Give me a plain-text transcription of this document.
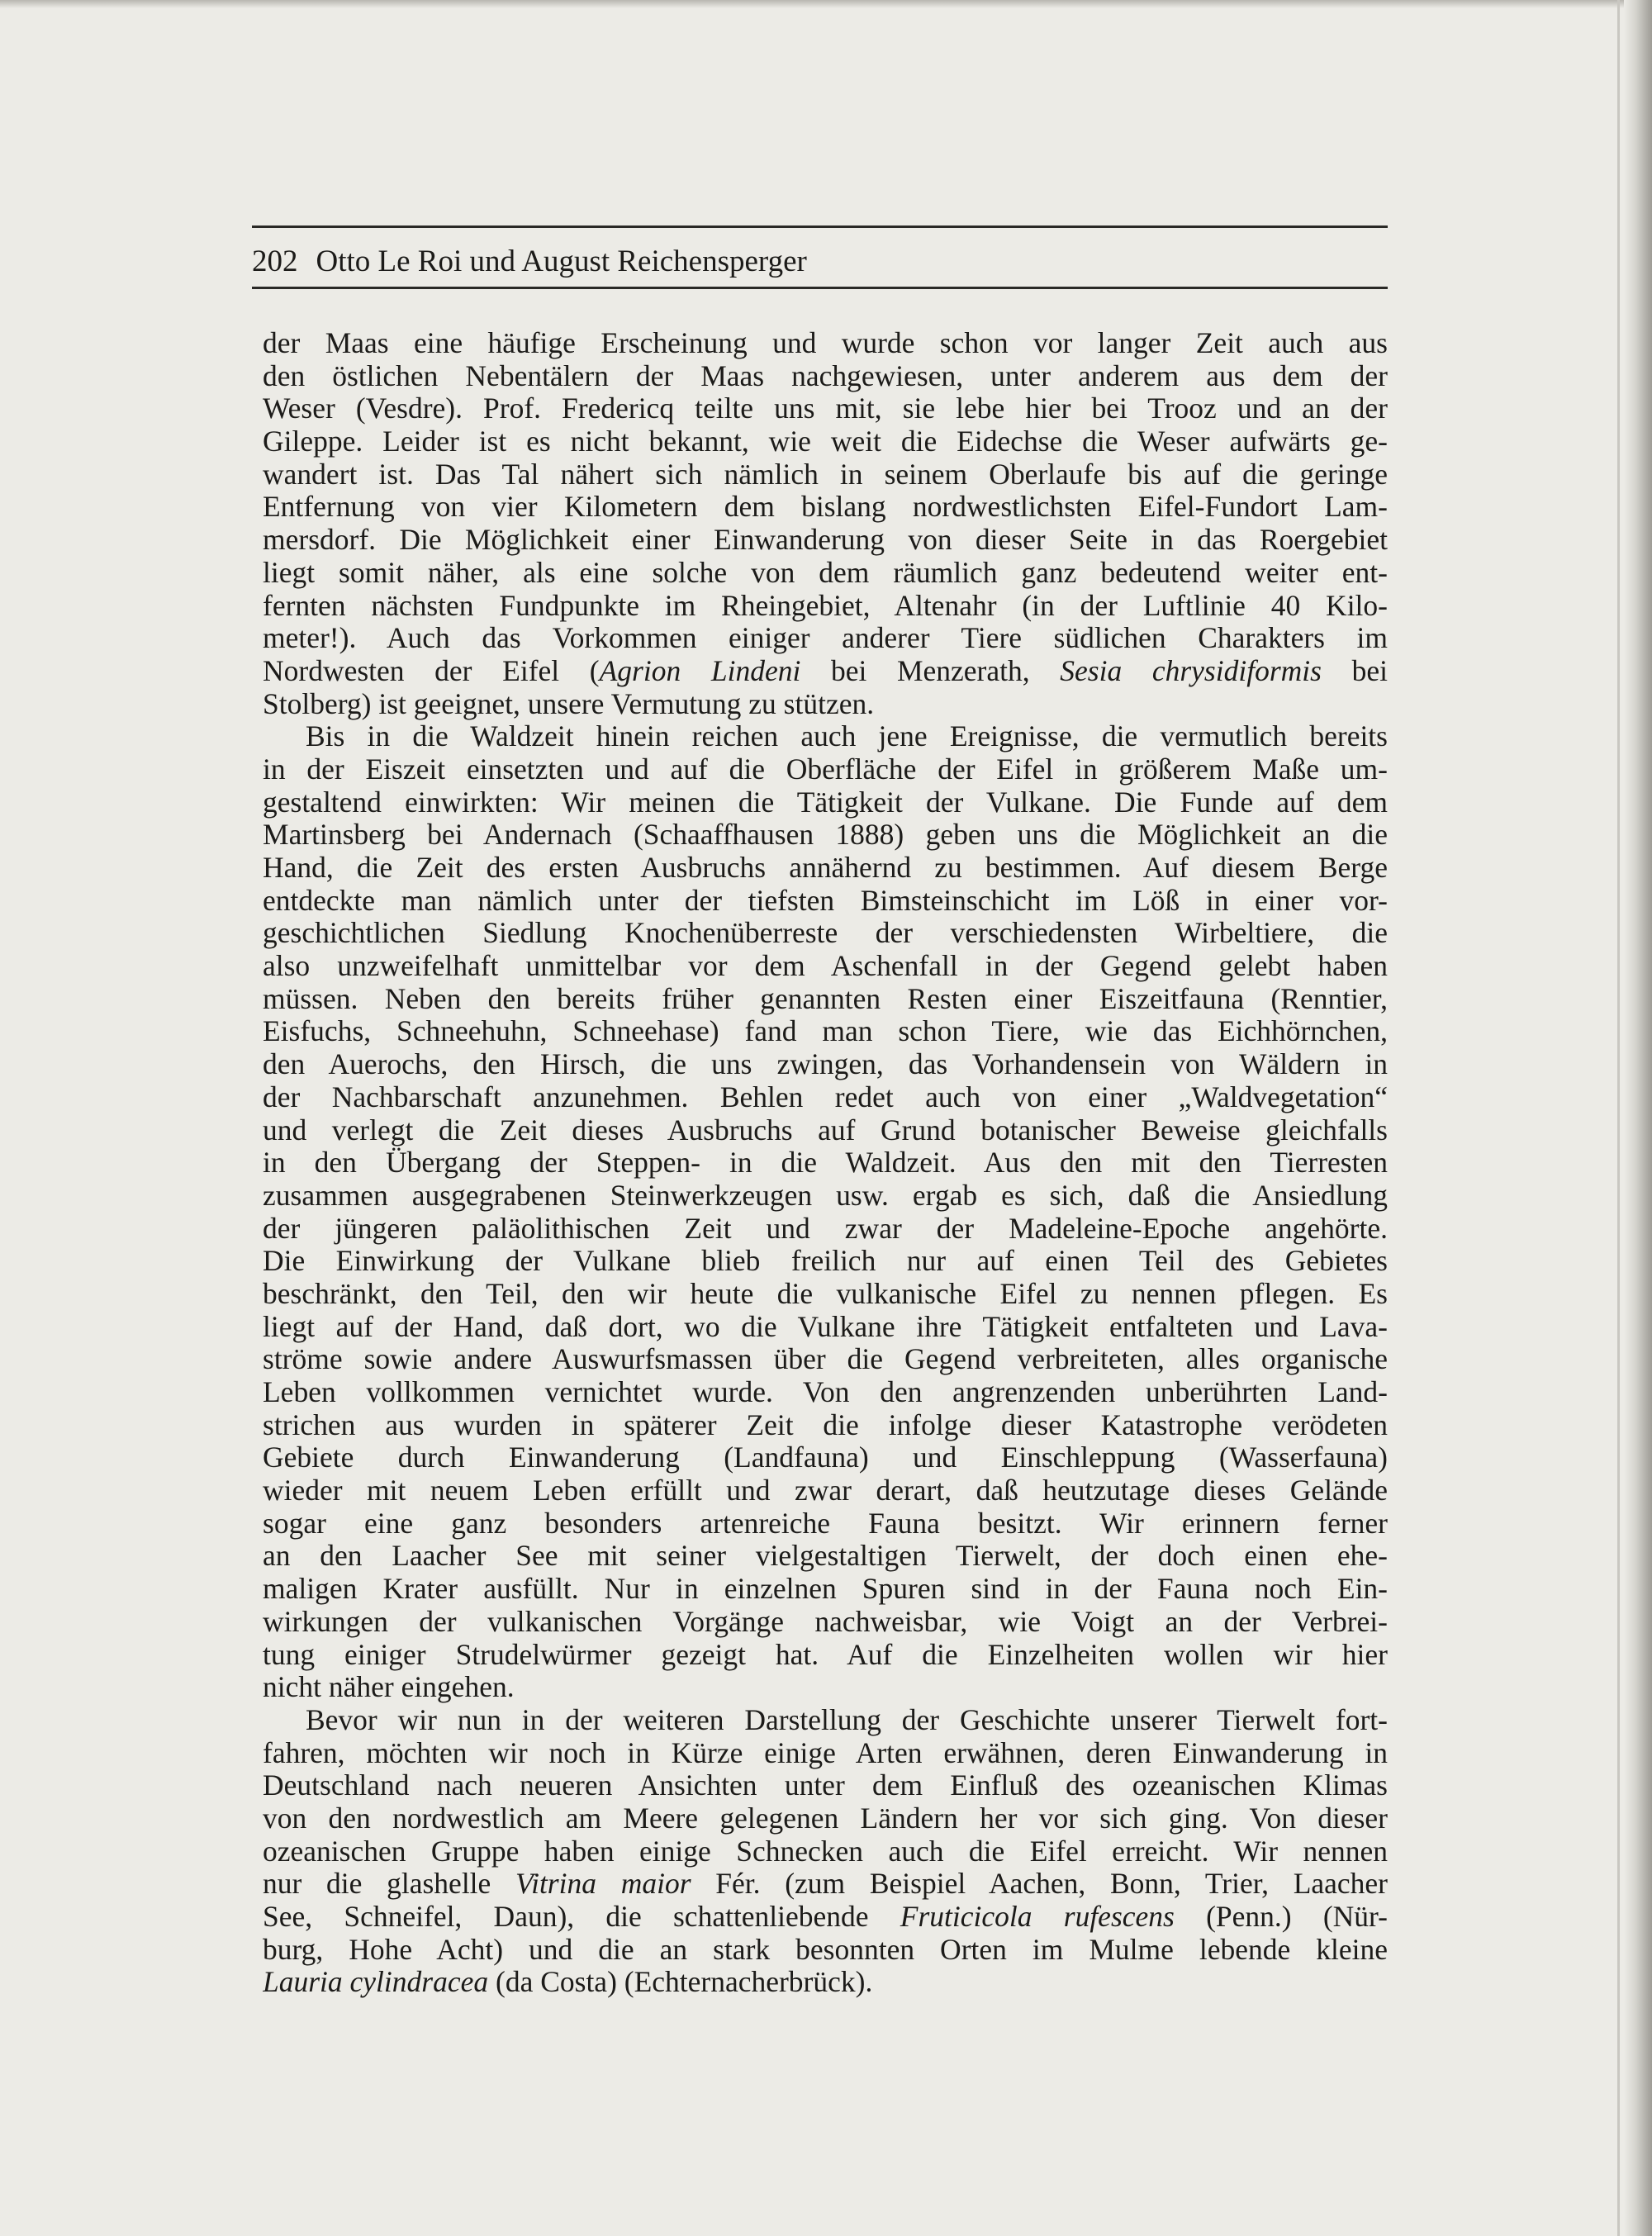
202 Otto Le Roi und August Reichensperger
der Maas eine häufige Erscheinung und wurde schon vor langer Zeit auch aus
den östlichen Nebentälern der Maas nachgewiesen, unter anderem aus dem der
Weser (Vesdre). Prof. Fredericq teilte uns mit, sie lebe hier bei Trooz und an der
Gileppe. Leider ist es nicht bekannt, wie weit die Eidechse die Weser aufwärts ge-
wandert ist. Das Tal nähert sich nämlich in seinem Oberlaufe bis auf die geringe
Entfernung von vier Kilometern dem bislang nordwestlichsten Eifel-Fundort Lam-
mersdorf. Die Möglichkeit einer Einwanderung von dieser Seite in das Roergebiet
liegt somit näher, als eine solche von dem räumlich ganz bedeutend weiter ent-
fernten nächsten Fundpunkte im Rheingebiet, Altenahr (in der Luftlinie 40 Kilo-
meter!). Auch das Vorkommen einiger anderer Tiere südlichen Charakters im
Nordwesten der Eifel (Agrion Lindeni bei Menzerath, Sesia chrysidiformis bei
Stolberg) ist geeignet, unsere Vermutung zu stützen.
Bis in die Waldzeit hinein reichen auch jene Ereignisse, die vermutlich bereits
in der Eiszeit einsetzten und auf die Oberfläche der Eifel in größerem Maße um-
gestaltend einwirkten: Wir meinen die Tätigkeit der Vulkane. Die Funde auf dem
Martinsberg bei Andernach (Schaaffhausen 1888) geben uns die Möglichkeit an die
Hand, die Zeit des ersten Ausbruchs annähernd zu bestimmen. Auf diesem Berge
entdeckte man nämlich unter der tiefsten Bimsteinschicht im Löß in einer vor-
geschichtlichen Siedlung Knochenüberreste der verschiedensten Wirbeltiere, die
also unzweifelhaft unmittelbar vor dem Aschenfall in der Gegend gelebt haben
müssen. Neben den bereits früher genannten Resten einer Eiszeitfauna (Renntier,
Eisfuchs, Schneehuhn, Schneehase) fand man schon Tiere, wie das Eichhörnchen,
den Auerochs, den Hirsch, die uns zwingen, das Vorhandensein von Wäldern in
der Nachbarschaft anzunehmen. Behlen redet auch von einer „Waldvegetation“
und verlegt die Zeit dieses Ausbruchs auf Grund botanischer Beweise gleichfalls
in den Übergang der Steppen- in die Waldzeit. Aus den mit den Tierresten
zusammen ausgegrabenen Steinwerkzeugen usw. ergab es sich, daß die Ansiedlung
der jüngeren paläolithischen Zeit und zwar der Madeleine-Epoche angehörte.
Die Einwirkung der Vulkane blieb freilich nur auf einen Teil des Gebietes
beschränkt, den Teil, den wir heute die vulkanische Eifel zu nennen pflegen. Es
liegt auf der Hand, daß dort, wo die Vulkane ihre Tätigkeit entfalteten und Lava-
ströme sowie andere Auswurfsmassen über die Gegend verbreiteten, alles organische
Leben vollkommen vernichtet wurde. Von den angrenzenden unberührten Land-
strichen aus wurden in späterer Zeit die infolge dieser Katastrophe verödeten
Gebiete durch Einwanderung (Landfauna) und Einschleppung (Wasserfauna)
wieder mit neuem Leben erfüllt und zwar derart, daß heutzutage dieses Gelände
sogar eine ganz besonders artenreiche Fauna besitzt. Wir erinnern ferner
an den Laacher See mit seiner vielgestaltigen Tierwelt, der doch einen ehe-
maligen Krater ausfüllt. Nur in einzelnen Spuren sind in der Fauna noch Ein-
wirkungen der vulkanischen Vorgänge nachweisbar, wie Voigt an der Verbrei-
tung einiger Strudelwürmer gezeigt hat. Auf die Einzelheiten wollen wir hier
nicht näher eingehen.
Bevor wir nun in der weiteren Darstellung der Geschichte unserer Tierwelt fort-
fahren, möchten wir noch in Kürze einige Arten erwähnen, deren Einwanderung in
Deutschland nach neueren Ansichten unter dem Einfluß des ozeanischen Klimas
von den nordwestlich am Meere gelegenen Ländern her vor sich ging. Von dieser
ozeanischen Gruppe haben einige Schnecken auch die Eifel erreicht. Wir nennen
nur die glashelle Vitrina maior Fér. (zum Beispiel Aachen, Bonn, Trier, Laacher
See, Schneifel, Daun), die schattenliebende Fruticicola rufescens (Penn.) (Nür-
burg, Hohe Acht) und die an stark besonnten Orten im Mulme lebende kleine
Lauria cylindracea (da Costa) (Echternacherbrück).
